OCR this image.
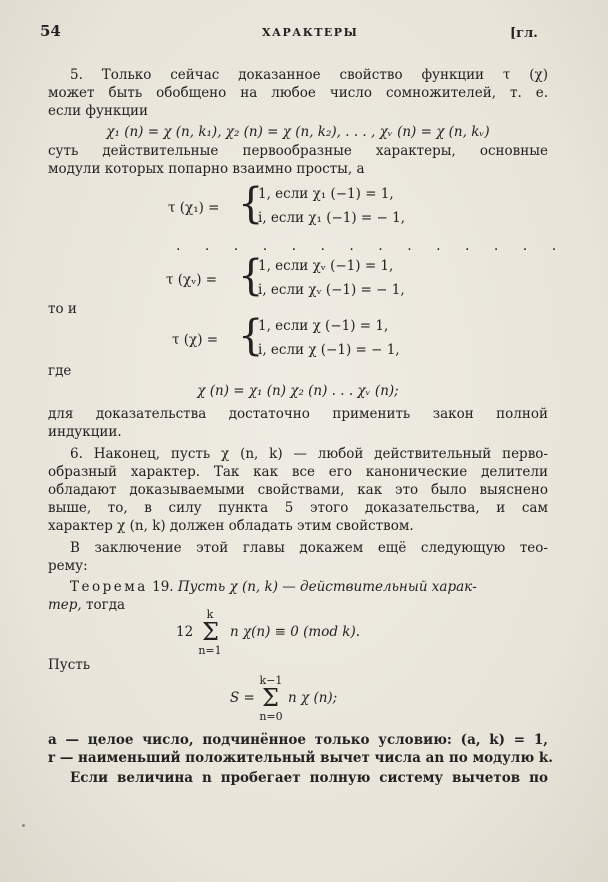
54	ХАРАКТЕРЫ	[гл.
5. Только сейчас доказанное свойство функции τ (χ)
может быть обобщено на любое число сомножителей, т. е.
если функции
χ₁ (n) = χ (n, k₁), χ₂ (n) = χ (n, k₂), . . . , χᵥ (n) = χ (n, kᵥ)
суть действительные первообразные характеры, основные
модули которых попарно взаимно просты, а
τ (χ₁) = {
1, если χ₁ (−1) = 1,
i, если χ₁ (−1) = − 1,
. . . . . . . . . . . . . .
τ (χᵥ) = {
1, если χᵥ (−1) = 1,
i, если χᵥ (−1) = − 1,
то и
τ (χ) = {
1, если χ (−1) = 1,
i, если χ (−1) = − 1,
где
χ (n) = χ₁ (n) χ₂ (n) . . . χᵥ (n);
для доказательства достаточно применить закон полной
индукции.
6. Наконец, пусть χ (n, k) — любой действительный перво-
образный характер. Так как все его канонические делители
обладают доказываемыми свойствами, как это было выяснено
выше, то, в силу пункта 5 этого доказательства, и сам
характер χ (n, k) должен обладать этим свойством.
В заключение этой главы докажем ещё следующую тео-
рему:
Теорема 19. Пусть χ (n, k) — действительный харак-
тер, тогда
12
k
Σ
n=1
n χ(n) ≡ 0 (mod k).
Пусть
S =
k−1
Σ
n=0
n χ (n);
a — целое число, подчинённое только условию: (a, k) = 1,
r — наименьший положительный вычет числа an по модулю k.
Если величина n пробегает полную систему вычетов по
